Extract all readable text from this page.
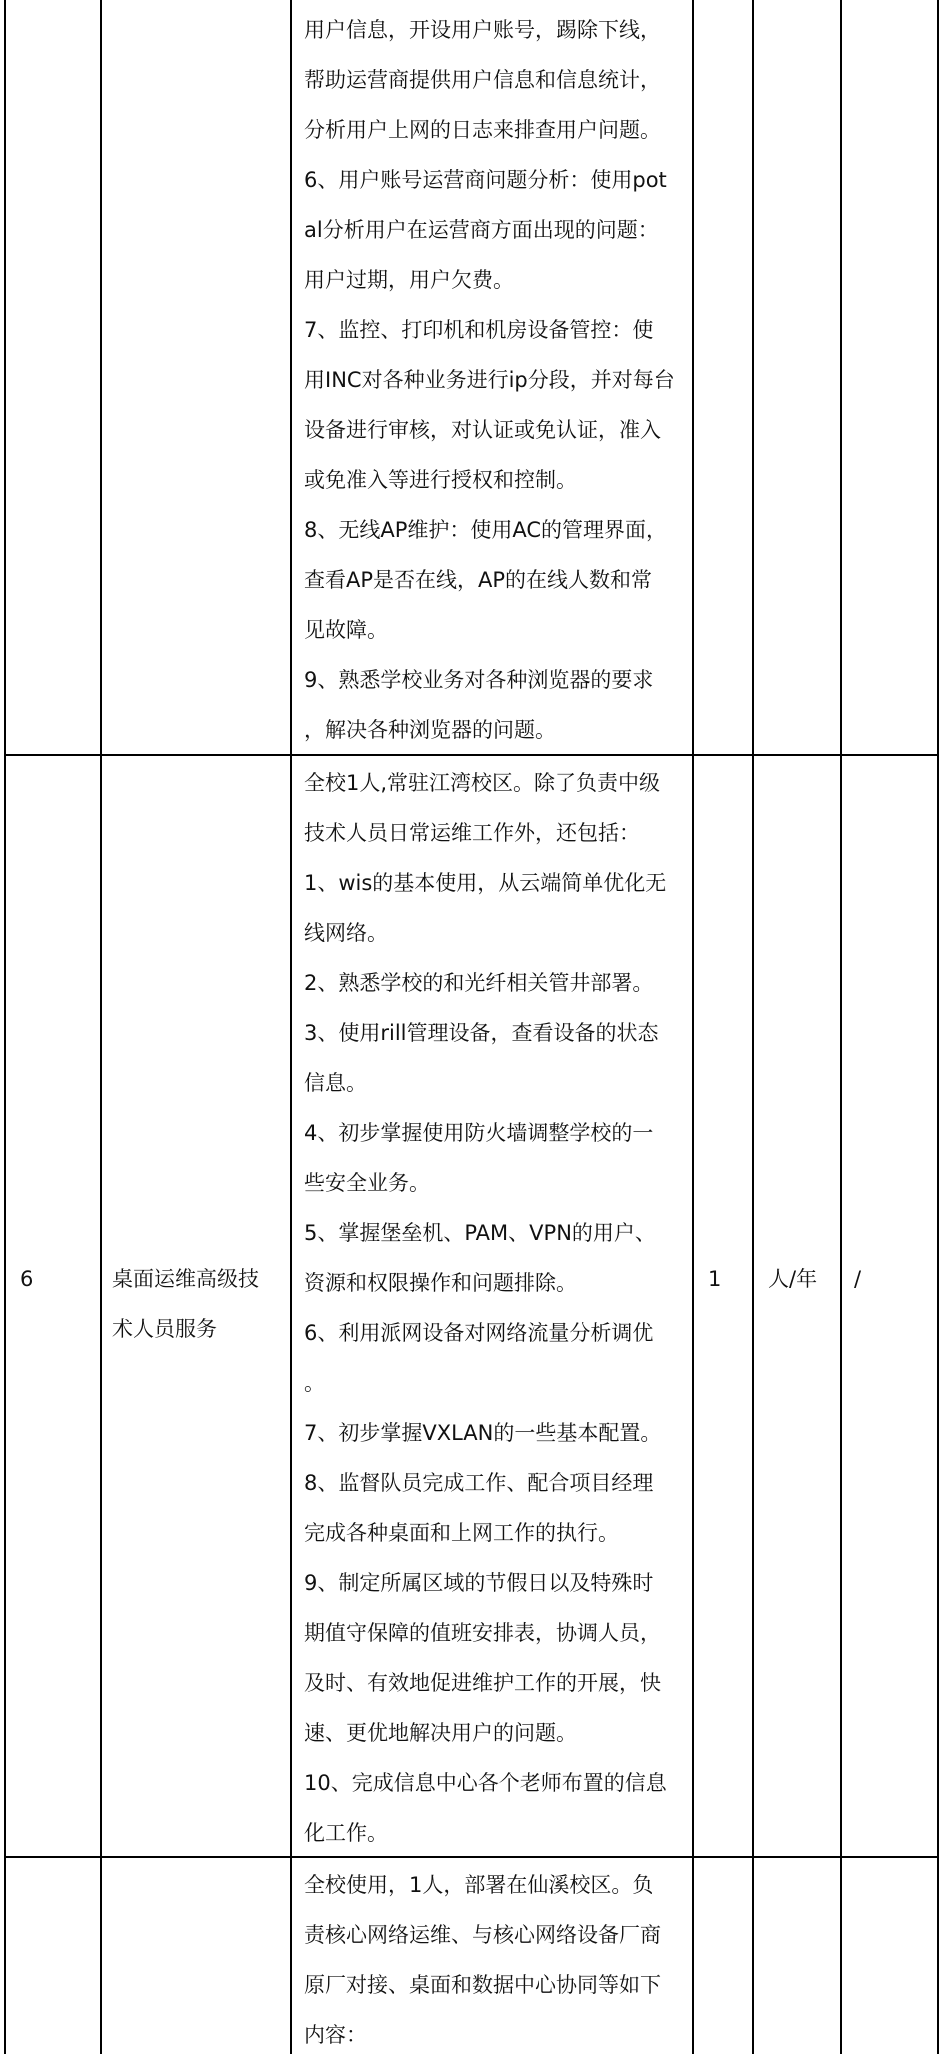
用户信息，开设用户账号，踢除下线，
帮助运营商提供用户信息和信息统计，
分析用户上网的日志来排查用户问题。
6、用户账号运营商问题分析：使用pot
al分析用户在运营商方面出现的问题：
用户过期，用户欠费。
7、监控、打印机和机房设备管控：使
用INC对各种业务进行ip分段，并对每台
设备进行审核，对认证或免认证，准入
或免准入等进行授权和控制。
8、无线AP维护：使用AC的管理界面，
查看AP是否在线，AP的在线人数和常
见故障。
9、熟悉学校业务对各种浏览器的要求
，解决各种浏览器的问题。
6	桌面运维高级技
术人员服务
1 人/年 /
全校1人,常驻江湾校区。除了负责中级
技术人员日常运维工作外，还包括：
1、wis的基本使用，从云端简单优化无
线网络。
2、熟悉学校的和光纤相关管井部署。
3、使用rill管理设备，查看设备的状态
信息。
4、初步掌握使用防火墙调整学校的一
些安全业务。
5、掌握堡垒机、PAM、VPN的用户、
资源和权限操作和问题排除。
6、利用派网设备对网络流量分析调优
。
7、初步掌握VXLAN的一些基本配置。
8、监督队员完成工作、配合项目经理
完成各种桌面和上网工作的执行。
9、制定所属区域的节假日以及特殊时
期值守保障的值班安排表，协调人员，
及时、有效地促进维护工作的开展，快
速、更优地解决用户的问题。
10、完成信息中心各个老师布置的信息
化工作。
全校使用，1人，部署在仙溪校区。负
责核心网络运维、与核心网络设备厂商
原厂对接、桌面和数据中心协同等如下
内容：
